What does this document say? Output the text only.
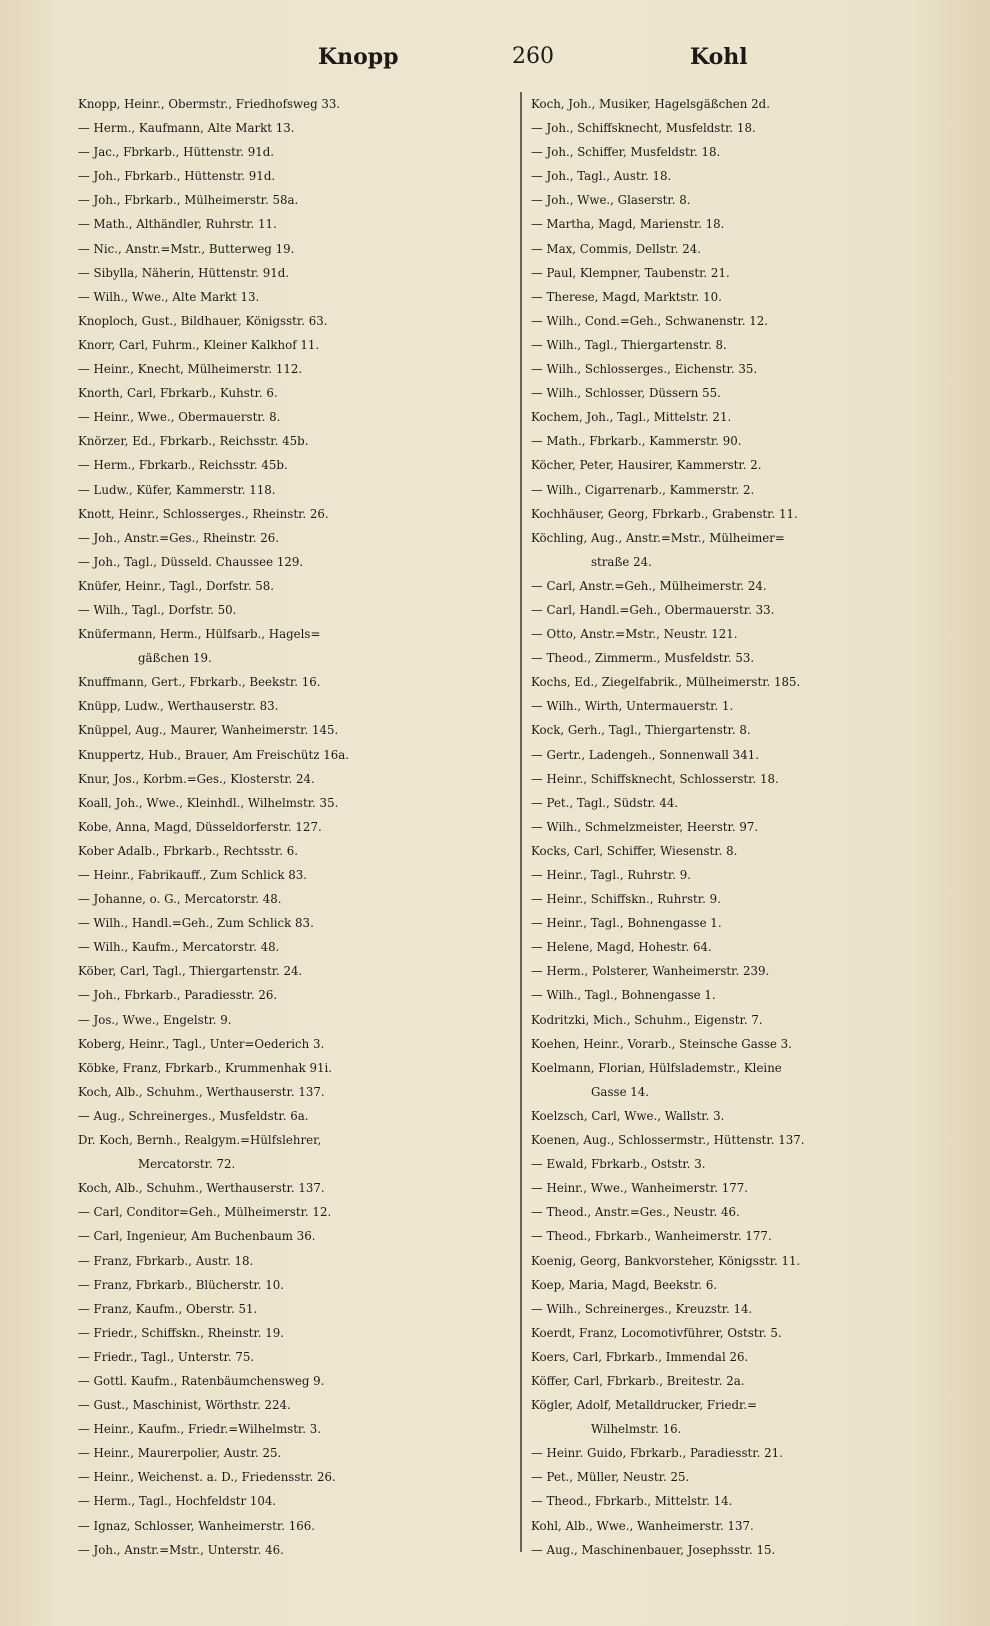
Knopp	260	Kohl

Knopp, Heinr., Obermstr., Friedhofsweg 33.

— Herm., Kaufmann, Alte Markt 13.

— Jac., Fbrkarb., Hüttenstr. 91d.

— Joh., Fbrkarb., Hüttenstr. 91d.

— Joh., Fbrkarb., Mülheimerstr. 58a.

— Math., Althändler, Ruhrstr. 11.

— Nic., Anstr.=Mstr., Butterweg 19.

— Sibylla, Näherin, Hüttenstr. 91d.

— Wilh., Wwe., Alte Markt 13.

Knoploch, Gust., Bildhauer, Königsstr. 63.

Knorr, Carl, Fuhrm., Kleiner Kalkhof 11.

— Heinr., Knecht, Mülheimerstr. 112.

Knorth, Carl, Fbrkarb., Kuhstr. 6.

— Heinr., Wwe., Obermauerstr. 8.

Knörzer, Ed., Fbrkarb., Reichsstr. 45b.

— Herm., Fbrkarb., Reichsstr. 45b.

— Ludw., Küfer, Kammerstr. 118.

Knott, Heinr., Schlosserges., Rheinstr. 26.

— Joh., Anstr.=Ges., Rheinstr. 26.

— Joh., Tagl., Düsseld. Chaussee 129.

Knüfer, Heinr., Tagl., Dorfstr. 58.

— Wilh., Tagl., Dorfstr. 50.

Knüfermann, Herm., Hülfsarb., Hagels=

gäßchen 19.

Knuffmann, Gert., Fbrkarb., Beekstr. 16.

Knüpp, Ludw., Werthauserstr. 83.

Knüppel, Aug., Maurer, Wanheimerstr. 145.

Knuppertz, Hub., Brauer, Am Freischütz 16a.

Knur, Jos., Korbm.=Ges., Klosterstr. 24.

Koall, Joh., Wwe., Kleinhdl., Wilhelmstr. 35.

Kobe, Anna, Magd, Düsseldorferstr. 127.

Kober Adalb., Fbrkarb., Rechtsstr. 6.

— Heinr., Fabrikauff., Zum Schlick 83.

— Johanne, o. G., Mercatorstr. 48.

— Wilh., Handl.=Geh., Zum Schlick 83.

— Wilh., Kaufm., Mercatorstr. 48.

Köber, Carl, Tagl., Thiergartenstr. 24.

— Joh., Fbrkarb., Paradiesstr. 26.

— Jos., Wwe., Engelstr. 9.

Koberg, Heinr., Tagl., Unter=Oederich 3.

Köbke, Franz, Fbrkarb., Krummenhak 91i.

Koch, Alb., Schuhm., Werthauserstr. 137.

— Aug., Schreinerges., Musfeldstr. 6a.

Dr. Koch, Bernh., Realgym.=Hülfslehrer,

Mercatorstr. 72.

Koch, Alb., Schuhm., Werthauserstr. 137.

— Carl, Conditor=Geh., Mülheimerstr. 12.

— Carl, Ingenieur, Am Buchenbaum 36.

— Franz, Fbrkarb., Austr. 18.

— Franz, Fbrkarb., Blücherstr. 10.

— Franz, Kaufm., Oberstr. 51.

— Friedr., Schiffskn., Rheinstr. 19.

— Friedr., Tagl., Unterstr. 75.

— Gottl. Kaufm., Ratenbäumchensweg 9.

— Gust., Maschinist, Wörthstr. 224.

— Heinr., Kaufm., Friedr.=Wilhelmstr. 3.

— Heinr., Maurerpolier, Austr. 25.

— Heinr., Weichenst. a. D., Friedensstr. 26.

— Herm., Tagl., Hochfeldstr 104.

— Ignaz, Schlosser, Wanheimerstr. 166.

— Joh., Anstr.=Mstr., Unterstr. 46.

Koch, Joh., Musiker, Hagelsgäßchen 2d.

— Joh., Schiffsknecht, Musfeldstr. 18.

— Joh., Schiffer, Musfeldstr. 18.

— Joh., Tagl., Austr. 18.

— Joh., Wwe., Glaserstr. 8.

— Martha, Magd, Marienstr. 18.

— Max, Commis, Dellstr. 24.

— Paul, Klempner, Taubenstr. 21.

— Therese, Magd, Marktstr. 10.

— Wilh., Cond.=Geh., Schwanenstr. 12.

— Wilh., Tagl., Thiergartenstr. 8.

— Wilh., Schlosserges., Eichenstr. 35.

— Wilh., Schlosser, Düssern 55.

Kochem, Joh., Tagl., Mittelstr. 21.

— Math., Fbrkarb., Kammerstr. 90.

Köcher, Peter, Hausirer, Kammerstr. 2.

— Wilh., Cigarrenarb., Kammerstr. 2.

Kochhäuser, Georg, Fbrkarb., Grabenstr. 11.

Köchling, Aug., Anstr.=Mstr., Mülheimer=

straße 24.

— Carl, Anstr.=Geh., Mülheimerstr. 24.

— Carl, Handl.=Geh., Obermauerstr. 33.

— Otto, Anstr.=Mstr., Neustr. 121.

— Theod., Zimmerm., Musfeldstr. 53.

Kochs, Ed., Ziegelfabrik., Mülheimerstr. 185.

— Wilh., Wirth, Untermauerstr. 1.

Kock, Gerh., Tagl., Thiergartenstr. 8.

— Gertr., Ladengeh., Sonnenwall 341.

— Heinr., Schiffsknecht, Schlosserstr. 18.

— Pet., Tagl., Südstr. 44.

— Wilh., Schmelzmeister, Heerstr. 97.

Kocks, Carl, Schiffer, Wiesenstr. 8.

— Heinr., Tagl., Ruhrstr. 9.

— Heinr., Schiffskn., Ruhrstr. 9.

— Heinr., Tagl., Bohnengasse 1.

— Helene, Magd, Hohestr. 64.

— Herm., Polsterer, Wanheimerstr. 239.

— Wilh., Tagl., Bohnengasse 1.

Kodritzki, Mich., Schuhm., Eigenstr. 7.

Koehen, Heinr., Vorarb., Steinsche Gasse 3.

Koelmann, Florian, Hülfslademstr., Kleine

Gasse 14.

Koelzsch, Carl, Wwe., Wallstr. 3.

Koenen, Aug., Schlossermstr., Hüttenstr. 137.

— Ewald, Fbrkarb., Oststr. 3.

— Heinr., Wwe., Wanheimerstr. 177.

— Theod., Anstr.=Ges., Neustr. 46.

— Theod., Fbrkarb., Wanheimerstr. 177.

Koenig, Georg, Bankvorsteher, Königsstr. 11.

Koep, Maria, Magd, Beekstr. 6.

— Wilh., Schreinerges., Kreuzstr. 14.

Koerdt, Franz, Locomotivführer, Oststr. 5.

Koers, Carl, Fbrkarb., Immendal 26.

Köffer, Carl, Fbrkarb., Breitestr. 2a.

Kögler, Adolf, Metalldrucker, Friedr.=

Wilhelmstr. 16.

— Heinr. Guido, Fbrkarb., Paradiesstr. 21.

— Pet., Müller, Neustr. 25.

— Theod., Fbrkarb., Mittelstr. 14.

Kohl, Alb., Wwe., Wanheimerstr. 137.

— Aug., Maschinenbauer, Josephsstr. 15.
